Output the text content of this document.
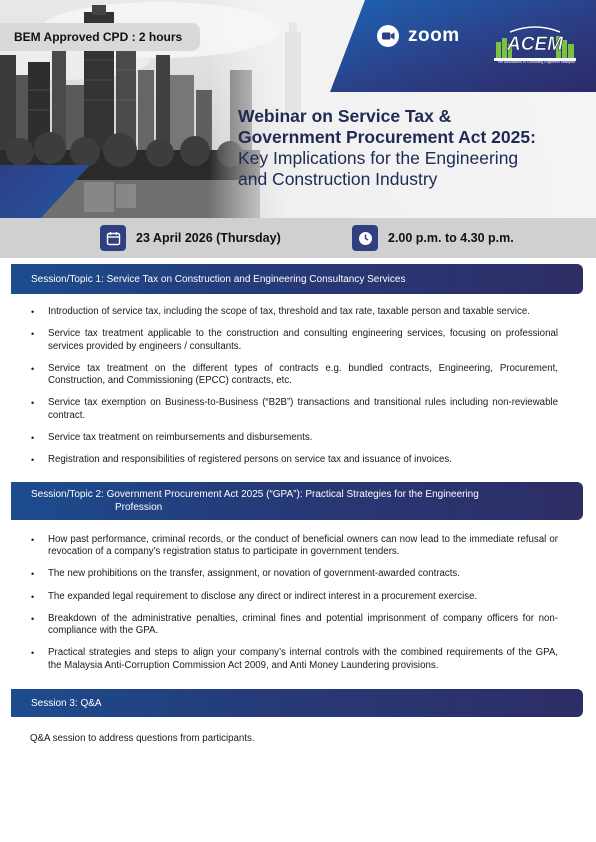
BEM Approved CPD : 2 hours	zoom ACEM
The Association of Consulting Engineers Malaysia
Webinar on Service Tax &
Government Procurement Act 2025:
Key Implications for the Engineering
and Construction Industry
23 April 2026 (Thursday)	2.00 p.m. to 4.30 p.m.
Session/Topic 1: Service Tax on Construction and Engineering Consultancy Services
• Introduction of service tax, including the scope of tax, threshold and tax rate, taxable person and taxable service.
• Service tax treatment applicable to the construction and consulting engineering services, focusing on professional services provided by engineers / consultants.
• Service tax treatment on the different types of contracts e.g. bundled contracts, Engineering, Procurement, Construction, and Commissioning (EPCC) contracts, etc.
• Service tax exemption on Business-to-Business (“B2B”) transactions and transitional rules including non-reviewable contract.
• Service tax treatment on reimbursements and disbursements.
• Registration and responsibilities of registered persons on service tax and issuance of invoices.
Session/Topic 2: Government Procurement Act 2025 (“GPA”): Practical Strategies for the Engineering
Profession
• How past performance, criminal records, or the conduct of beneficial owners can now lead to the immediate refusal or revocation of a company’s registration status to participate in government tenders.
• The new prohibitions on the transfer, assignment, or novation of government-awarded contracts.
• The expanded legal requirement to disclose any direct or indirect interest in a procurement exercise.
• Breakdown of the administrative penalties, criminal fines and potential imprisonment of company officers for non-compliance with the GPA.
• Practical strategies and steps to align your company’s internal controls with the combined requirements of the GPA, the Malaysia Anti-Corruption Commission Act 2009, and Anti Money Laundering provisions.
Session 3: Q&A
Q&A session to address questions from participants.
